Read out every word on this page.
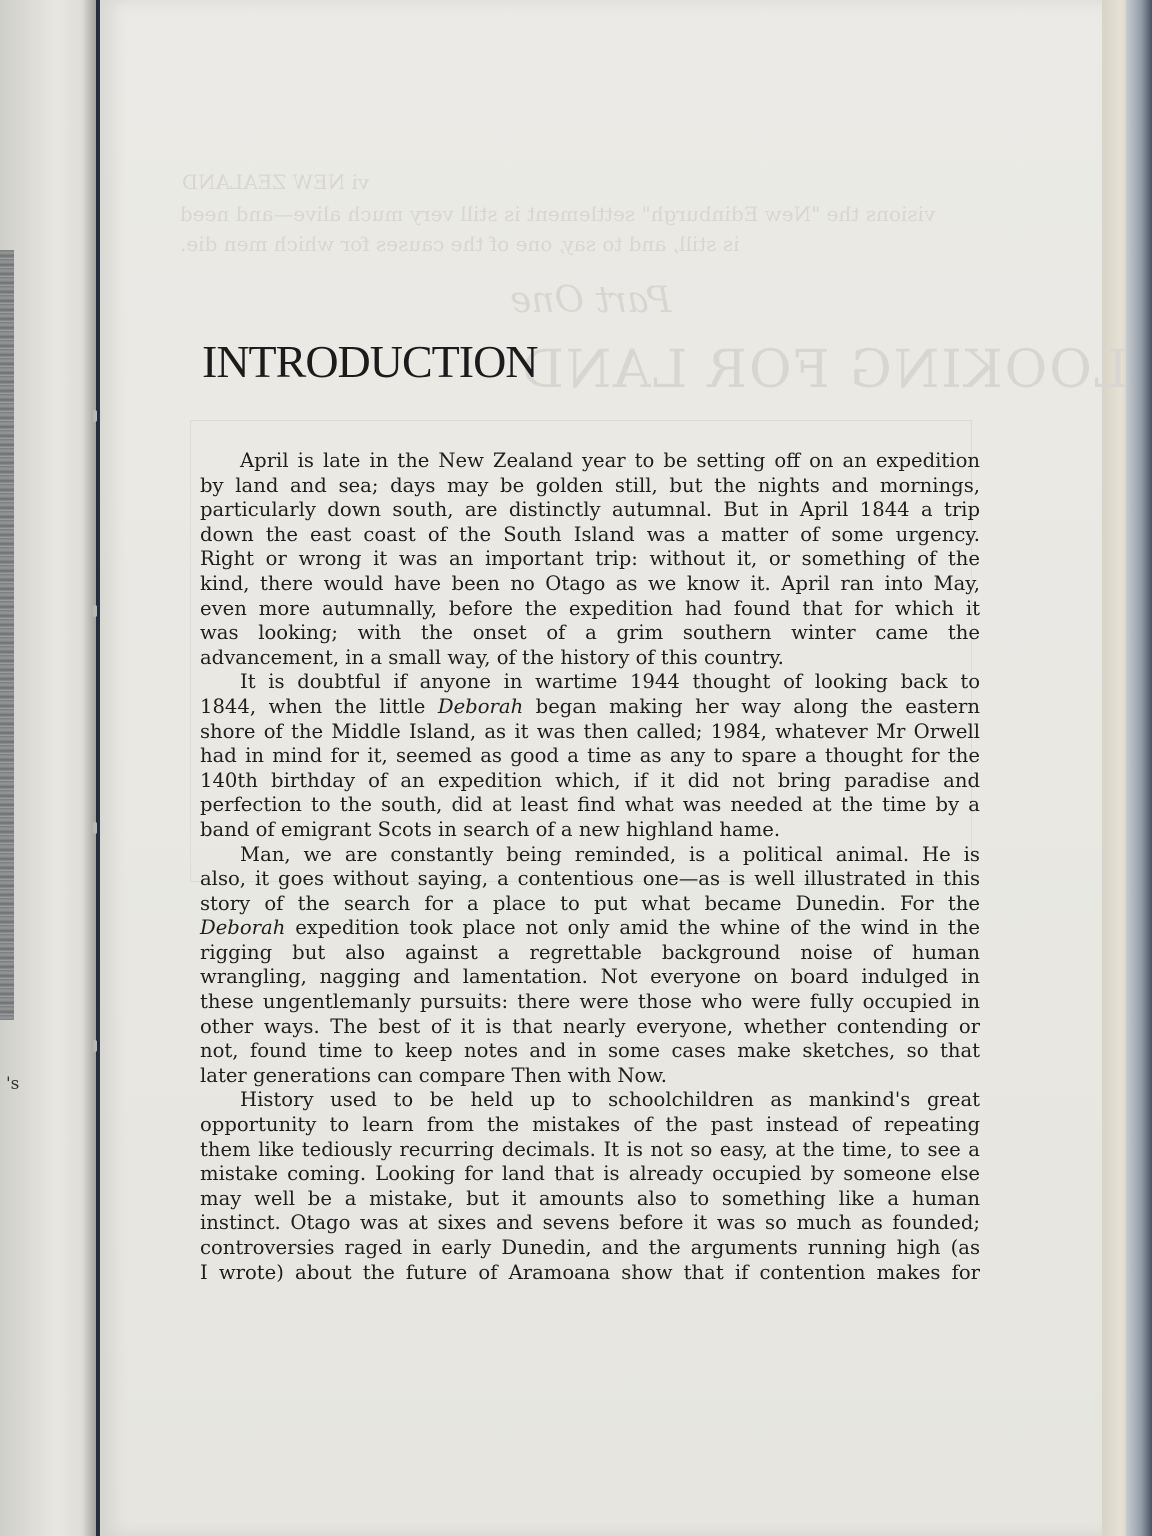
's
vi NEW ZEALAND
visions the "New Edinburgh" settlement is still very much alive—and need
is still, and to say, one of the causes for which men die.
Part One
LOOKING FOR LAND
INTRODUCTION

April is late in the New Zealand year to be setting off on an expedition
by land and sea; days may be golden still, but the nights and mornings,
particularly down south, are distinctly autumnal. But in April 1844 a trip
down the east coast of the South Island was a matter of some urgency.
Right or wrong it was an important trip: without it, or something of the
kind, there would have been no Otago as we know it. April ran into May,
even more autumnally, before the expedition had found that for which it
was looking; with the onset of a grim southern winter came the
advancement, in a small way, of the history of this country.

It is doubtful if anyone in wartime 1944 thought of looking back to
1844, when the little Deborah began making her way along the eastern
shore of the Middle Island, as it was then called; 1984, whatever Mr Orwell
had in mind for it, seemed as good a time as any to spare a thought for the
140th birthday of an expedition which, if it did not bring paradise and
perfection to the south, did at least find what was needed at the time by a
band of emigrant Scots in search of a new highland hame.

Man, we are constantly being reminded, is a political animal. He is
also, it goes without saying, a contentious one—as is well illustrated in this
story of the search for a place to put what became Dunedin. For the
Deborah expedition took place not only amid the whine of the wind in the
rigging but also against a regrettable background noise of human
wrangling, nagging and lamentation. Not everyone on board indulged in
these ungentlemanly pursuits: there were those who were fully occupied in
other ways. The best of it is that nearly everyone, whether contending or
not, found time to keep notes and in some cases make sketches, so that
later generations can compare Then with Now.

History used to be held up to schoolchildren as mankind's great
opportunity to learn from the mistakes of the past instead of repeating
them like tediously recurring decimals. It is not so easy, at the time, to see a
mistake coming. Looking for land that is already occupied by someone else
may well be a mistake, but it amounts also to something like a human
instinct. Otago was at sixes and sevens before it was so much as founded;
controversies raged in early Dunedin, and the arguments running high (as
I wrote) about the future of Aramoana show that if contention makes for
